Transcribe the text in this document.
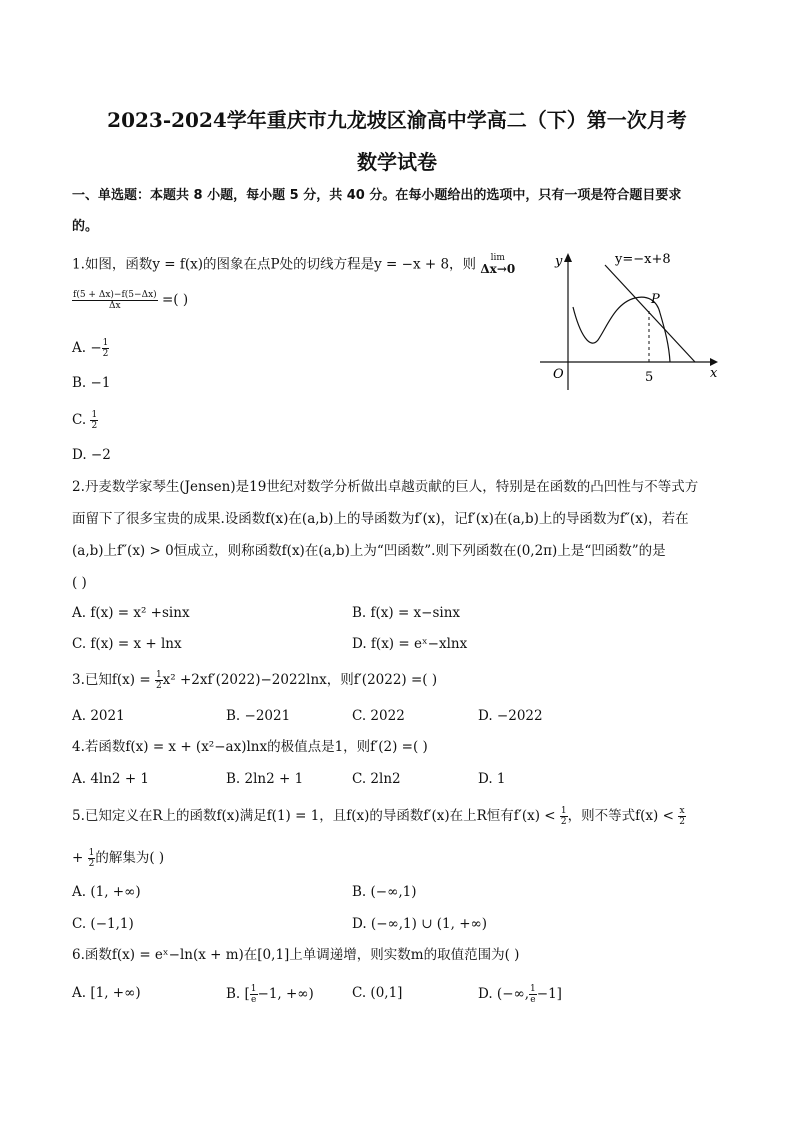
2023-2024学年重庆市九龙坡区渝高中学高二（下）第一次月考
数学试卷
一、单选题：本题共 8 小题，每小题 5 分，共 40 分。在每小题给出的选项中，只有一项是符合题目要求
的。
1.如图，函数y = f(x)的图象在点P处的切线方程是y = −x + 8，则	lim
Δx→0
$\frac{f(5 + \Delta x)-f(5-\Delta x)}{\Delta x}$ =( )
A. − $\frac{1}{2}$
B. −1
C. $\frac{1}{2}$
D. −2
y
x
O	5
P
y=−x+8
2.丹麦数学家琴生(Jensen)是19世纪对数学分析做出卓越贡献的巨人，特别是在函数的凸凹性与不等式方
面留下了很多宝贵的成果.设函数f(x)在(a,b)上的导函数为f′(x)，记f′(x)在(a,b)上的导函数为f″(x)，若在
(a,b)上f″(x) > 0恒成立，则称函数f(x)在(a,b)上为“凹函数”.则下列函数在(0,2π)上是“凹函数”的是
( )
A. f(x) = x² +sinx	B. f(x) = x−sinx
C. f(x) = x + lnx	D. f(x) = eˣ−xlnx
3.已知$f(x) = \frac{1}{2} x^2 +2xf'(2022)-2022\ln x$，则f′(2022) =( )
A. 2021	B. −2021	C. 2022	D. −2022
4.若函数f(x) = x + (x²−ax)lnx的极值点是1，则f′(2) =( )
A. 4ln2 + 1	B. 2ln2 + 1	C. 2ln2	D. 1
5.已知定义在R上的函数f(x)满足f(1) = 1，且f(x)的导函数f′(x)在上R恒有$f'(x) < \frac{1}{2}$ ，则不等式$f(x) < \frac{x}{2}$
+ $\frac{1}{2}$ 的解集为( )
A. (1, +∞)	B. (−∞,1)
C. (−1,1)	D. (−∞,1) ∪ (1, +∞)
6.函数f(x) = eˣ−ln(x + m)在[0,1]上单调递增，则实数m的取值范围为( )
A. [1, +∞)	B. [ $\frac{1}{e} -1$, +∞)	C. (0,1]	D. (−∞, $\frac{1}{e} -1$]
